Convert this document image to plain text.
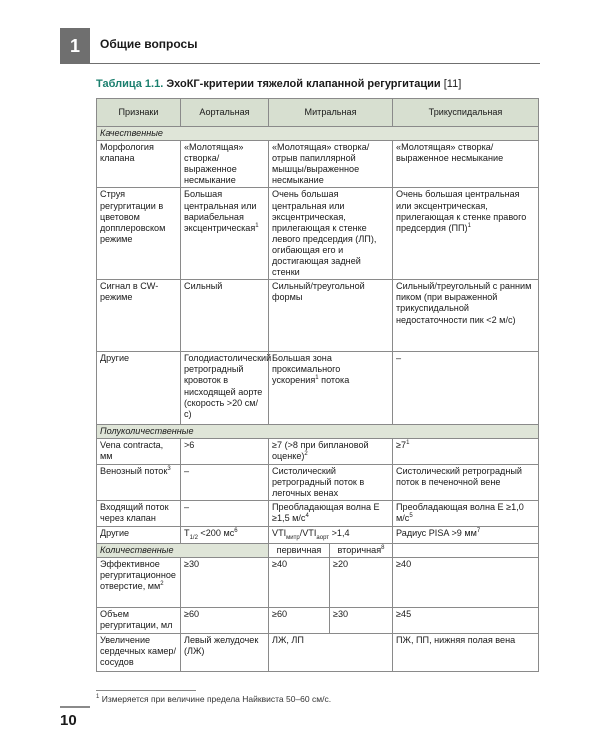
1	Общие вопросы
Таблица 1.1. ЭхоКГ-критерии тяжелой клапанной регургитации [11]
Признаки	Аортальная	Митральная		Трикуспидальная
Качественные				
Морфология клапана	«Молотящая» створка/выраженное несмыкание	«Молотящая» створка/ отрыв папиллярной мышцы/выраженное несмыкание		«Молотящая» створка/выраженное несмыкание
Струя регургитации в цветовом допплеровском режиме	Большая центральная или вариабельная эксцентрическая$^1$	Очень большая центральная или эксцентрическая, прилегающая к стенке левого предсердия (ЛП), огибающая его и достигающая задней стенки		Очень большая центральная или эксцентрическая, прилегающая к стенке правого предсердия (ПП)$^1$
Сигнал в CW-режиме	Сильный	Сильный/треугольной формы		Сильный/треугольный с ранним пиком (при выраженной трикуспидальной недостаточности пик <2 м/с)
Другие	Голодиастолический ретроградный кровоток в нисходящей аорте (скорость >20 см/с)	Большая зона проксимального ускорения$^1$ потока		–
Полуколичественные				
Vena contracta, мм	>6	≥7 (>8 при биплановой оценке)$^2$		$\ge 7^1$
Венозный поток$^3$	–	Систолический ретроградный поток в легочных венах		Систолический ретроградный поток в печеночной вене
Входящий поток через клапан	–	Преобладающая волна Е ≥1,5 $м/с^4$		Преобладающая волна Е ≥1,0 $м/с^5$
Другие	$T_{1/2} <200$ $мс^6$	$VTI_{митр}/VTI_{аорт} >1,4$		Радиус PISA >9 $мм^7$
Количественные		первичная	вторичная$^8$	
Эффективное регургитационное отверстие, $мм^2$	≥30	≥40	≥20	≥40
Объем регургитации, мл	≥60	≥60	≥30	≥45
Увеличение сердечных камер/сосудов	Левый желудочек (ЛЖ)	ЛЖ, ЛП		ПЖ, ПП, нижняя полая вена
$^1$ Измеряется при величине предела Найквиста 50–60 см/с.
10
